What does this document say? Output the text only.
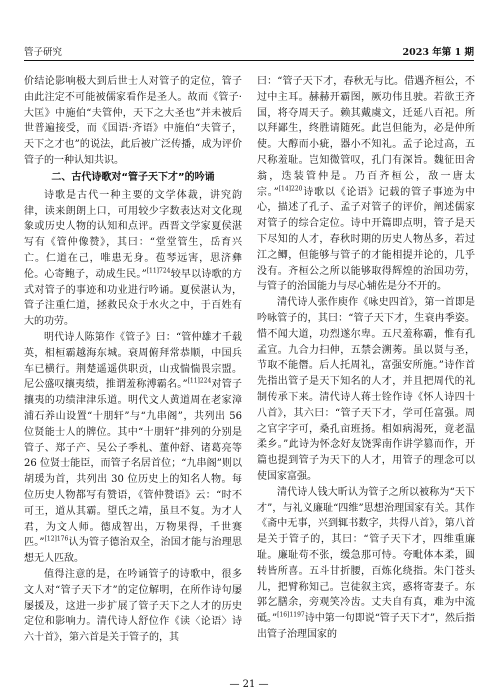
管子研究	2023 年第 1 期

价结论影响极大到后世士人对管子的定位，管子由此注定不可能被儒家看作是圣人。故而《管子·大匡》中施伯“夫管仲，天下之大圣也”并未被后世普遍接受，而《国语·齐语》中施伯“夫管子，天下之才也”的说法，此后被广泛传播，成为评价管子的一种认知共识。

二、古代诗歌对“管子天下才”的吟诵

诗歌是古代一种主要的文学体裁，讲究韵律，读来朗朗上口，可用较少字数表达对文化现象或历史人物的认知和点评。西晋文学家夏侯湛写有《管仲像赞》，其曰：“堂堂管生，岳育兴亡。仁道在己，唯患无身。苞琴远害，思济彝伦。心寄鲍子，动成生民。”$^{[11]724}$较早以诗歌的方式对管子的事迹和功业进行吟诵。夏侯湛认为，管子注重仁道，拯救民众于水火之中，于百姓有大的功劳。

明代诗人陈第作《管子》曰：“管仲雄才千载英，相桓霸越海东城。衰周俯拜常恭顺，中国兵车已横行。荆楚遥遥供职贡，山戎惴惴畏宗盟。尼公盛叹攘夷绩，推谓羞称溥霸名。”$^{[11]224}$对管子攘夷的功绩津津乐道。明代文人黄道周在老家漳浦石养山设置“十朋轩”与“九串阁”，共列出 56 位贤能士人的牌位。其中“十朋轩”排列的分别是管子、郑子产、吴公子季札、董仲舒、诸葛亮等 26 位贤士能臣，而管子名居首位；“九串阁”则以胡瑗为首，共列出 30 位历史上的知名人物。每位历史人物都写有赞语，《管仲赞语》云：“时不可王，道从其霸。望氏之靖，虽旦不复。为才人君，为文人师。德成智出，万物果得，千世赛匹。”$^{[12]176}$认为管子德治双全，治国才能与治理思想无人匹敌。

值得注意的是，在吟诵管子的诗歌中，很多文人对“管子天下才”的定位解明，在所作诗句屡屡援及，这进一步扩展了管子天下之人才的历史定位和影响力。清代诗人舒位作《读〈论语〉诗六十首》，第六首是关于管子的，其

曰：“管子天下才，春秋无与比。借遇齐桓公，不过中主耳。赫赫开霸图，厥功伟且驶。若欲王齐国，将夺周天子。赖其戴虞文，迁延八百祀。所以拜鄙生，终胜请随死。此岂但能为，必是仲所使。大醇而小疵，器小不知礼。孟子论过高，五尺称羞耻。岂知微管叹，孔门有深旨。魏征田舍翁，迭装管仲是。乃百齐桓公，敌一唐太宗。”$^{[14]220}$诗歌以《论语》记载的管子事迹为中心，描述了孔子、孟子对管子的评价，阐述儒家对管子的综合定位。诗中开篇即点明，管子是天下尽知的人才，春秋时期的历史人物丛多，若过江之鲫，但能够与管子的才能相提并论的，几乎没有。齐桓公之所以能够取得辉煌的治国功劳，与管子的治国能力与尽心辅佐是分不开的。

清代诗人张作庾作《咏史四首》，第一首即是吟咏管子的，其曰：“管子天下才，生衰冉季姿。惜不闻大道，功烈遂尔卑。五尺羞称霸，惟有孔孟宣。九合力扫伸，五禁会溯莠。虽以贤与圣，节取不能僭。后人托周礼，富强安所施。”诗作首先指出管子是天下知名的人才，并且把周代的礼制传承下来。清代诗人蒋士铨作诗《怀人诗四十八首》，其六曰：“管子天下才，学可任富强。周之官字字可，桑孔亩班扬。相如病渴死，竟老温柔乡。”此诗为怀念好友饶霁南作讲学篡而作，开篇也提到管子为天下的人才，用管子的理念可以使国家富强。

清代诗人钱大昕认为管子之所以被称为“天下才”，与礼义廉耻“四维”思想治理国家有关。其作《斋中无事，兴到辄书数字，共得八首》，第八首是关于管子的，其曰：“管子天下才，四维重廉耻。廉耻苟不张，缓急那可恃。夸毗体本柔，圆转皆所喜。五斗甘折腰，百炼化绕指。朱门苍头儿，把臂称知己。岂徒叙主宾，惑将寄妻子。东郭乞膳余，旁观笑冷齿。丈夫自有真，难为中流砥。”$^{[16]1197}$诗中第一句即说“管子天下才”，然后指出管子治理国家的

— 21 —
